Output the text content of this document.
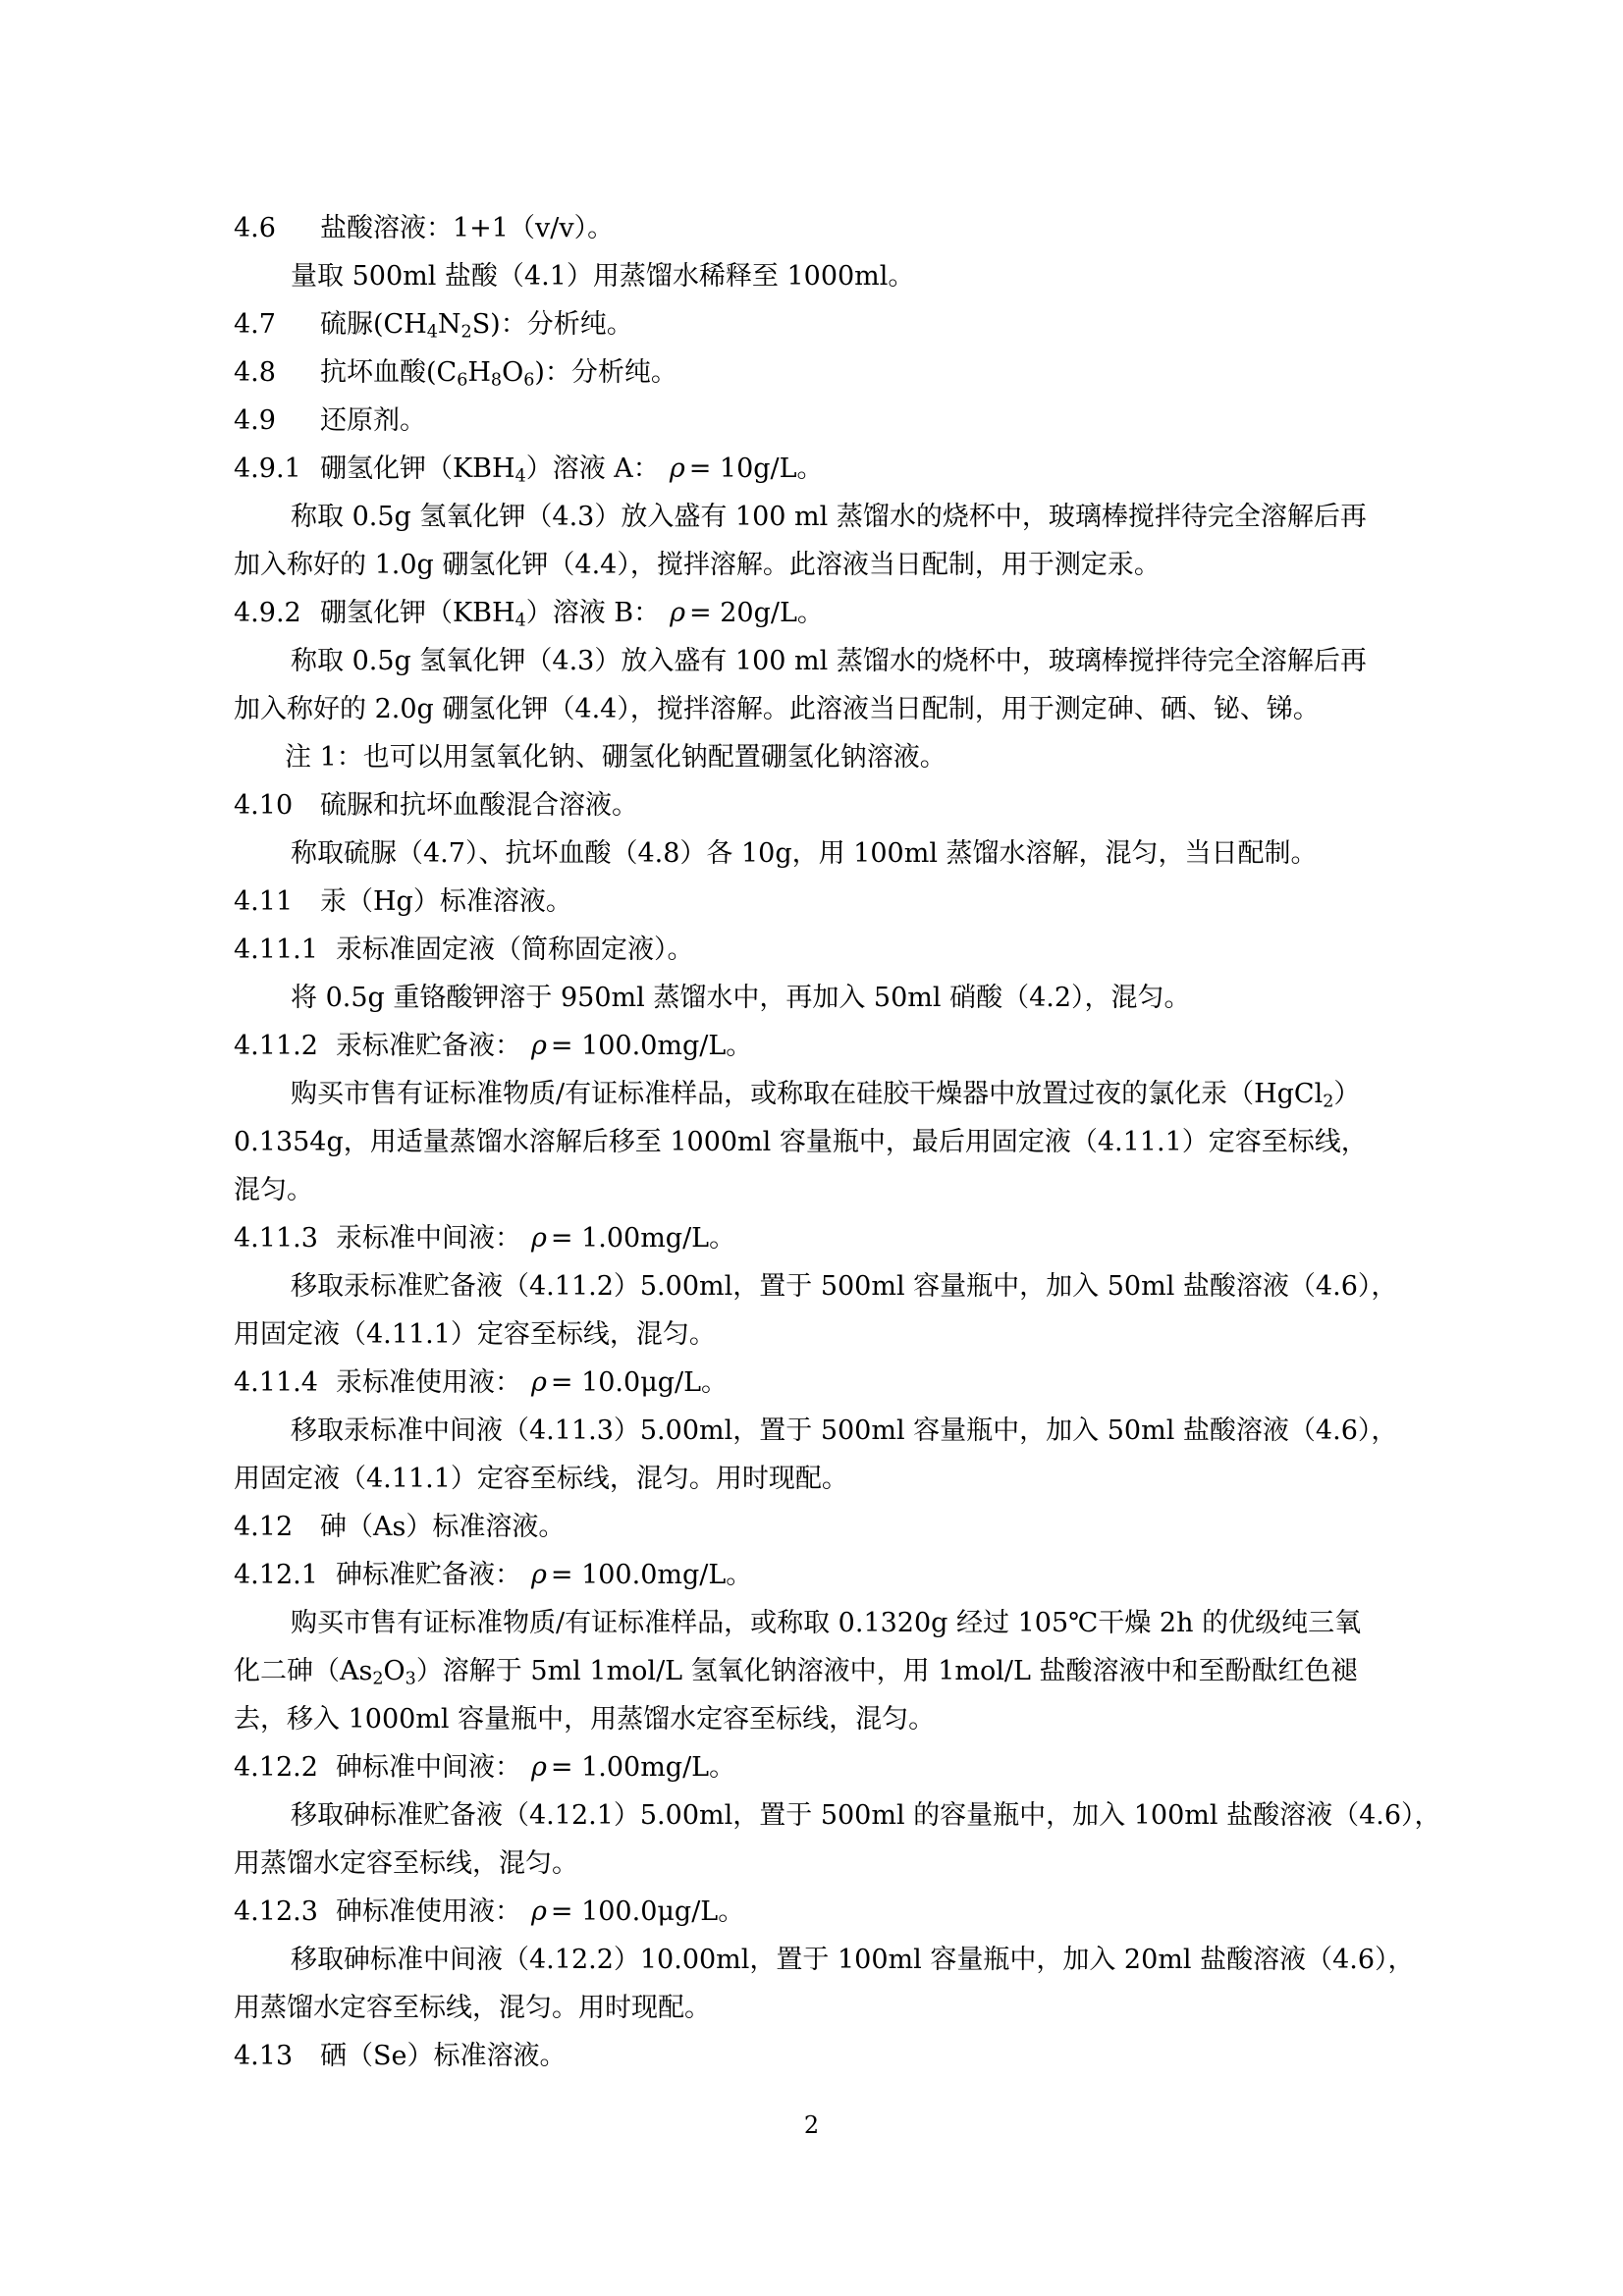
4.6 盐酸溶液：1+1（v/v）。
量取 500ml 盐酸（4.1）用蒸馏水稀释至 1000ml。
4.7 硫脲$(CH_4N_2S)$：分析纯。
4.8 抗坏血酸$(C_6H_8O_6)$：分析纯。
4.9 还原剂。
4.9.1 硼氢化钾$(KBH_4)$溶液 A： ρ = 10g/L。
称取 0.5g 氢氧化钾（4.3）放入盛有 100 ml 蒸馏水的烧杯中，玻璃棒搅拌待完全溶解后再
加入称好的 1.0g 硼氢化钾（4.4），搅拌溶解。此溶液当日配制，用于测定汞。
4.9.2 硼氢化钾$(KBH_4)$溶液 B： ρ = 20g/L。
称取 0.5g 氢氧化钾（4.3）放入盛有 100 ml 蒸馏水的烧杯中，玻璃棒搅拌待完全溶解后再
加入称好的 2.0g 硼氢化钾（4.4），搅拌溶解。此溶液当日配制，用于测定砷、硒、铋、锑。
注 1：也可以用氢氧化钠、硼氢化钠配置硼氢化钠溶液。
4.10 硫脲和抗坏血酸混合溶液。
称取硫脲（4.7）、抗坏血酸（4.8）各 10g，用 100ml 蒸馏水溶解，混匀，当日配制。
4.11 汞（Hg）标准溶液。
4.11.1 汞标准固定液（简称固定液）。
将 0.5g 重铬酸钾溶于 950ml 蒸馏水中，再加入 50ml 硝酸（4.2），混匀。
4.11.2 汞标准贮备液： ρ = 100.0mg/L。
购买市售有证标准物质/有证标准样品，或称取在硅胶干燥器中放置过夜的氯化汞（HgCl$_2$）
0.1354g，用适量蒸馏水溶解后移至 1000ml 容量瓶中，最后用固定液（4.11.1）定容至标线，
混匀。
4.11.3 汞标准中间液： ρ = 1.00mg/L。
移取汞标准贮备液（4.11.2）5.00ml，置于 500ml 容量瓶中，加入 50ml 盐酸溶液（4.6），
用固定液（4.11.1）定容至标线，混匀。
4.11.4 汞标准使用液： ρ = 10.0μg/L。
移取汞标准中间液（4.11.3）5.00ml，置于 500ml 容量瓶中，加入 50ml 盐酸溶液（4.6），
用固定液（4.11.1）定容至标线，混匀。用时现配。
4.12 砷（As）标准溶液。
4.12.1 砷标准贮备液： ρ = 100.0mg/L。
购买市售有证标准物质/有证标准样品，或称取 0.1320g 经过 105℃干燥 2h 的优级纯三氧
化二砷$(As_2O_3)$溶解于 5ml 1mol/L 氢氧化钠溶液中，用 1mol/L 盐酸溶液中和至酚酞红色褪
去，移入 1000ml 容量瓶中，用蒸馏水定容至标线，混匀。
4.12.2 砷标准中间液： ρ = 1.00mg/L。
移取砷标准贮备液（4.12.1）5.00ml，置于 500ml 的容量瓶中，加入 100ml 盐酸溶液（4.6），
用蒸馏水定容至标线，混匀。
4.12.3 砷标准使用液： ρ = 100.0μg/L。
移取砷标准中间液（4.12.2）10.00ml，置于 100ml 容量瓶中，加入 20ml 盐酸溶液（4.6），
用蒸馏水定容至标线，混匀。用时现配。
4.13 硒（Se）标准溶液。
2
